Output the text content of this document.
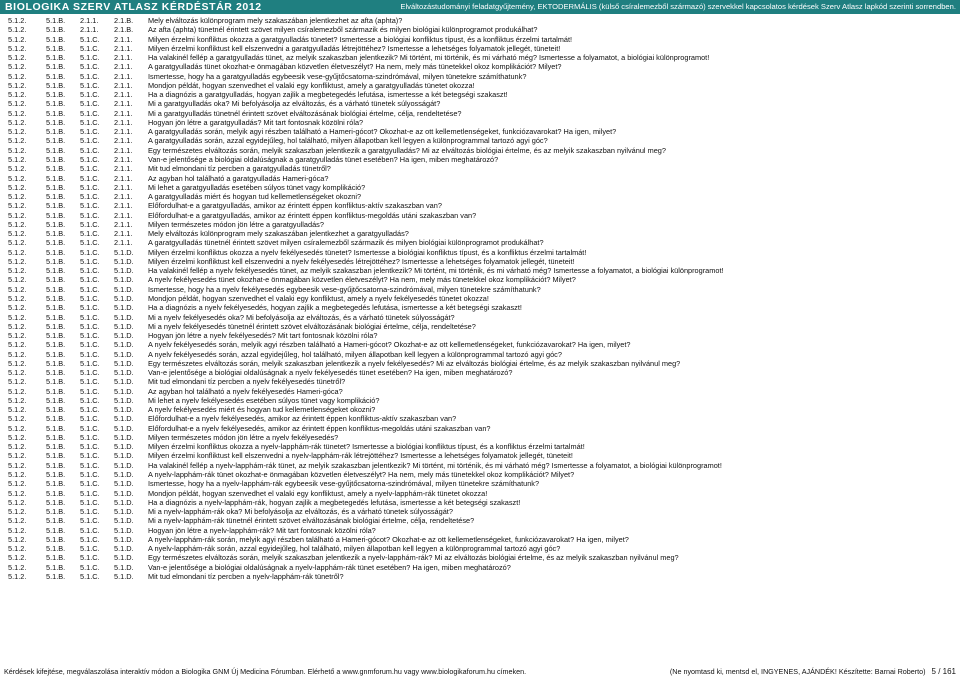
BIOLOGIKA SZERV ATLASZ KÉRDÉSTÁR 2012	Elváltozástudományi feladatgyűjtemény, EKTODERMÁLIS (külső csíralemezből származó) szervekkel kapcsolatos kérdések Szerv Atlasz lapkód szerinti sorrendben.
5.1.2.	5.1.B. 2.1.1. 2.1.B. Mely elváltozás különprogram mely szakaszában jelentkezhet az afta (aphta)?
5.1.2.	5.1.B. 2.1.1. 2.1.B. Az afta (aphta) tünetnél érintett szövet milyen csíralemezből származik és milyen biológiai különprogramot produkálhat?
5.1.2.	5.1.B. 5.1.C. 2.1.1. Milyen érzelmi konfliktus okozza a garatgyulladás tünetet? Ismertesse a biológiai konfliktus típust, és a konfliktus érzelmi tartalmát!
5.1.2.	5.1.B. 5.1.C. 2.1.1. Milyen érzelmi konfliktust kell elszenvedni a garatgyulladás létrejöttéhez? Ismertesse a lehetséges folyamatok jellegét, tüneteit!
5.1.2.	5.1.B. 5.1.C. 2.1.1. Ha valakinél fellép a garatgyulladás tünet, az melyik szakaszban jelentkezik? Mi történt, mi történik, és mi várható még? Ismertesse a folyamatot, a biológiai különprogramot!
5.1.2.	5.1.B. 5.1.C. 2.1.1. A garatgyulladás tünet okozhat-e önmagában közvetlen életveszélyt? Ha nem, mely más tünetekkel okoz komplikációt? Milyet?
5.1.2.	5.1.B. 5.1.C. 2.1.1. Ismertesse, hogy ha a garatgyulladás egybeesik vese-gyűjtőcsatorna-szindrómával, milyen tünetekre számíthatunk?
5.1.2.	5.1.B. 5.1.C. 2.1.1. Mondjon példát, hogyan szenvedhet el valaki egy konfliktust, amely a garatgyulladás tünetet okozza!
5.1.2.	5.1.B. 5.1.C. 2.1.1. Ha a diagnózis a garatgyulladás, hogyan zajlik a megbetegedés lefutása, ismertesse a két betegségi szakaszt!
5.1.2.	5.1.B. 5.1.C. 2.1.1. Mi a garatgyulladás oka? Mi befolyásolja az elváltozás, és a várható tünetek súlyosságát?
5.1.2.	5.1.B. 5.1.C. 2.1.1. Mi a garatgyulladás tünetnél érintett szövet elváltozásának biológiai értelme, célja, rendeltetése?
5.1.2.	5.1.B. 5.1.C. 2.1.1. Hogyan jön létre a garatgyulladás? Mit tart fontosnak közölni róla?
5.1.2.	5.1.B. 5.1.C. 2.1.1. A garatgyulladás során, melyik agyi részben található a Hameri-gócot? Okozhat-e az ott kellemetlenségeket, funkciózavarokat? Ha igen, milyet?
5.1.2.	5.1.B. 5.1.C. 2.1.1. A garatgyulladás során, azzal egyidejűleg, hol található, milyen állapotban kell legyen a különprogrammal tartozó agyi góc?
5.1.2.	5.1.B. 5.1.C. 2.1.1. Egy természetes elváltozás során, melyik szakaszban jelentkezik a garatgyulladás? Mi az elváltozás biológiai értelme, és az melyik szakaszban nyilvánul meg?
5.1.2.	5.1.B. 5.1.C. 2.1.1. Van-e jelentősége a biológiai oldalúságnak a garatgyulladás tünet esetében? Ha igen, miben meghatározó?
5.1.2.	5.1.B. 5.1.C. 2.1.1. Mit tud elmondani tíz percben a garatgyulladás tünetről?
5.1.2.	5.1.B. 5.1.C. 2.1.1. Az agyban hol található a garatgyulladás Hameri-góca?
5.1.2.	5.1.B. 5.1.C. 2.1.1. Mi lehet a garatgyulladás esetében súlyos tünet vagy komplikáció?
5.1.2.	5.1.B. 5.1.C. 2.1.1. A garatgyulladás miért és hogyan tud kellemetlenségeket okozni?
5.1.2.	5.1.B. 5.1.C. 2.1.1. Előfordulhat-e a garatgyulladás, amikor az érintett éppen konfliktus-aktív szakaszban van?
5.1.2.	5.1.B. 5.1.C. 2.1.1. Előfordulhat-e a garatgyulladás, amikor az érintett éppen konfliktus-megoldás utáni szakaszban van?
5.1.2.	5.1.B. 5.1.C. 2.1.1. Milyen természetes módon jön létre a garatgyulladás?
5.1.2.	5.1.B. 5.1.C. 2.1.1. Mely elváltozás különprogram mely szakaszában jelentkezhet a garatgyulladás?
5.1.2.	5.1.B. 5.1.C. 2.1.1. A garatgyulladás tünetnél érintett szövet milyen csíralemezből származik és milyen biológiai különprogramot produkálhat?
5.1.2.	5.1.B. 5.1.C. 5.1.D. Milyen érzelmi konfliktus okozza a nyelv fekélyesedés tünetet? Ismertesse a biológiai konfliktus típust, és a konfliktus érzelmi tartalmát!
5.1.2.	5.1.B. 5.1.C. 5.1.D. Milyen érzelmi konfliktust kell elszenvedni a nyelv fekélyesedés létrejöttéhez? Ismertesse a lehetséges folyamatok jellegét, tüneteit!
5.1.2.	5.1.B. 5.1.C. 5.1.D. Ha valakinél fellép a nyelv fekélyesedés tünet, az melyik szakaszban jelentkezik? Mi történt, mi történik, és mi várható még? Ismertesse a folyamatot, a biológiai különprogramot!
5.1.2.	5.1.B. 5.1.C. 5.1.D. A nyelv fekélyesedés tünet okozhat-e önmagában közvetlen életveszélyt? Ha nem, mely más tünetekkel okoz komplikációt? Milyet?
5.1.2.	5.1.B. 5.1.C. 5.1.D. Ismertesse, hogy ha a nyelv fekélyesedés egybeesik vese-gyűjtőcsatorna-szindrómával, milyen tünetekre számíthatunk?
5.1.2.	5.1.B. 5.1.C. 5.1.D. Mondjon példát, hogyan szenvedhet el valaki egy konfliktust, amely a nyelv fekélyesedés tünetet okozza!
5.1.2.	5.1.B. 5.1.C. 5.1.D. Ha a diagnózis a nyelv fekélyesedés, hogyan zajlik a megbetegedés lefutása, ismertesse a két betegségi szakaszt!
5.1.2.	5.1.B. 5.1.C. 5.1.D. Mi a nyelv fekélyesedés oka? Mi befolyásolja az elváltozás, és a várható tünetek súlyosságát?
5.1.2.	5.1.B. 5.1.C. 5.1.D. Mi a nyelv fekélyesedés tünetnél érintett szövet elváltozásának biológiai értelme, célja, rendeltetése?
5.1.2.	5.1.B. 5.1.C. 5.1.D. Hogyan jön létre a nyelv fekélyesedés? Mit tart fontosnak közölni róla?
5.1.2.	5.1.B. 5.1.C. 5.1.D. A nyelv fekélyesedés során, melyik agyi részben található a Hameri-gócot? Okozhat-e az ott kellemetlenségeket, funkciózavarokat? Ha igen, milyet?
5.1.2.	5.1.B. 5.1.C. 5.1.D. A nyelv fekélyesedés során, azzal egyidejűleg, hol található, milyen állapotban kell legyen a különprogrammal tartozó agyi góc?
5.1.2.	5.1.B. 5.1.C. 5.1.D. Egy természetes elváltozás során, melyik szakaszban jelentkezik a nyelv fekélyesedés? Mi az elváltozás biológiai értelme, és az melyik szakaszban nyilvánul meg?
5.1.2.	5.1.B. 5.1.C. 5.1.D. Van-e jelentősége a biológiai oldalúságnak a nyelv fekélyesedés tünet esetében? Ha igen, miben meghatározó?
5.1.2.	5.1.B. 5.1.C. 5.1.D. Mit tud elmondani tíz percben a nyelv fekélyesedés tünetről?
5.1.2.	5.1.B. 5.1.C. 5.1.D. Az agyban hol található a nyelv fekélyesedés Hameri-góca?
5.1.2.	5.1.B. 5.1.C. 5.1.D. Mi lehet a nyelv fekélyesedés esetében súlyos tünet vagy komplikáció?
5.1.2.	5.1.B. 5.1.C. 5.1.D. A nyelv fekélyesedés miért és hogyan tud kellemetlenségeket okozni?
5.1.2.	5.1.B. 5.1.C. 5.1.D. Előfordulhat-e a nyelv fekélyesedés, amikor az érintett éppen konfliktus-aktív szakaszban van?
5.1.2.	5.1.B. 5.1.C. 5.1.D. Előfordulhat-e a nyelv fekélyesedés, amikor az érintett éppen konfliktus-megoldás utáni szakaszban van?
5.1.2.	5.1.B. 5.1.C. 5.1.D. Milyen természetes módon jön létre a nyelv fekélyesedés?
5.1.2.	5.1.B. 5.1.C. 5.1.D. Milyen érzelmi konfliktus okozza a nyelv-lapphám-rák tünetet? Ismertesse a biológiai konfliktus típust, és a konfliktus érzelmi tartalmát!
5.1.2.	5.1.B. 5.1.C. 5.1.D. Milyen érzelmi konfliktust kell elszenvedni a nyelv-lapphám-rák létrejöttéhez? Ismertesse a lehetséges folyamatok jellegét, tüneteit!
5.1.2.	5.1.B. 5.1.C. 5.1.D. Ha valakinél fellép a nyelv-lapphám-rák tünet, az melyik szakaszban jelentkezik? Mi történt, mi történik, és mi várható még? Ismertesse a folyamatot, a biológiai különprogramot!
5.1.2.	5.1.B. 5.1.C. 5.1.D. A nyelv-lapphám-rák tünet okozhat-e önmagában közvetlen életveszélyt? Ha nem, mely más tünetekkel okoz komplikációt? Milyet?
5.1.2.	5.1.B. 5.1.C. 5.1.D. Ismertesse, hogy ha a nyelv-lapphám-rák egybeesik vese-gyűjtőcsatorna-szindrómával, milyen tünetekre számíthatunk?
5.1.2.	5.1.B. 5.1.C. 5.1.D. Mondjon példát, hogyan szenvedhet el valaki egy konfliktust, amely a nyelv-lapphám-rák tünetet okozza!
5.1.2.	5.1.B. 5.1.C. 5.1.D. Ha a diagnózis a nyelv-lapphám-rák, hogyan zajlik a megbetegedés lefutása, ismertesse a két betegségi szakaszt!
5.1.2.	5.1.B. 5.1.C. 5.1.D. Mi a nyelv-lapphám-rák oka? Mi befolyásolja az elváltozás, és a várható tünetek súlyosságát?
5.1.2.	5.1.B. 5.1.C. 5.1.D. Mi a nyelv-lapphám-rák tünetnél érintett szövet elváltozásának biológiai értelme, célja, rendeltetése?
5.1.2.	5.1.B. 5.1.C. 5.1.D. Hogyan jön létre a nyelv-lapphám-rák? Mit tart fontosnak közölni róla?
5.1.2.	5.1.B. 5.1.C. 5.1.D. A nyelv-lapphám-rák során, melyik agyi részben található a Hameri-gócot? Okozhat-e az ott kellemetlenségeket, funkciózavarokat? Ha igen, milyet?
5.1.2.	5.1.B. 5.1.C. 5.1.D. A nyelv-lapphám-rák során, azzal egyidejűleg, hol található, milyen állapotban kell legyen a különprogrammal tartozó agyi góc?
5.1.2.	5.1.B. 5.1.C. 5.1.D. Egy természetes elváltozás során, melyik szakaszban jelentkezik a nyelv-lapphám-rák? Mi az elváltozás biológiai értelme, és az melyik szakaszban nyilvánul meg?
5.1.2.	5.1.B. 5.1.C. 5.1.D. Van-e jelentősége a biológiai oldalúságnak a nyelv-lapphám-rák tünet esetében? Ha igen, miben meghatározó?
5.1.2.	5.1.B. 5.1.C. 5.1.D. Mit tud elmondani tíz percben a nyelv-lapphám-rák tünetről?
Kérdések kifejtése, megválaszolása interaktív módon a Biologika GNM Új Medicina Fórumban. Elérhető a www.gnmforum.hu vagy www.biologikaforum.hu címeken.	(Ne nyomtasd ki, mentsd el, INGYENES, AJÁNDÉK! Készítette: Barnai Roberto) 5 / 161
